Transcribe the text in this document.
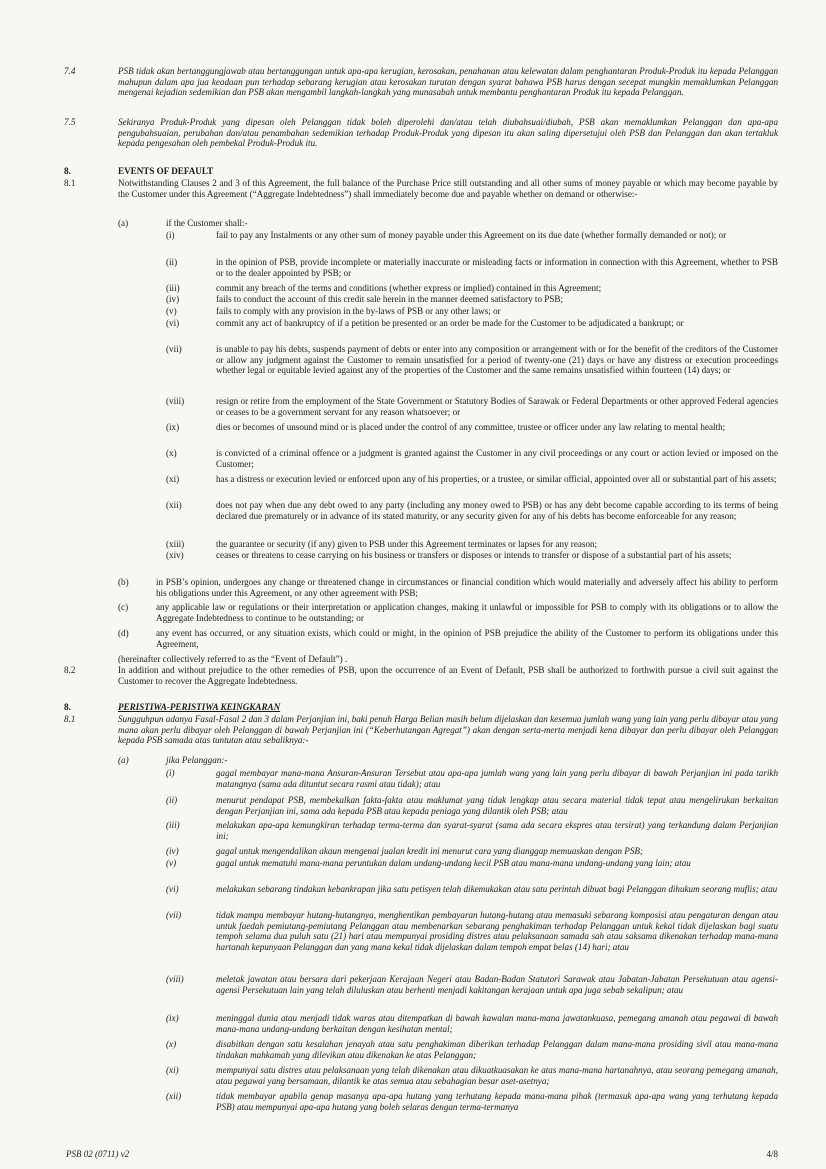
7.4	PSB tidak akan bertanggungjawab atau bertanggungan untuk apa-apa kerugian, kerosakan, penahanan atau kelewatan dalam penghantaran Produk-Produk itu kepada Pelanggan mahupun dalam apa jua keadaan pun terhadap sebarang kerugian atau kerosakan turutan dengan syarat bahawa PSB harus dengan secepat mungkin memaklumkan Pelanggan mengenai kejadian sedemikian dan PSB akan mengambil langkah-langkah yang munasabah untuk membantu penghantaran Produk itu kepada Pelanggan.
7.5	Sekiranya Produk-Produk yang dipesan oleh Pelanggan tidak boleh diperolehi dan/atau telah diubahsuai/diubah, PSB akan memaklumkan Pelanggan dan apa-apa pengubahsuaian, perubahan dan/atau penambahan sedemikian terhadap Produk-Produk yang dipesan itu akan saling dipersetujui oleh PSB dan Pelanggan dan akan tertakluk kepada pengesahan oleh pembekal Produk-Produk itu.
8.	EVENTS OF DEFAULT
8.1	Notwithstanding Clauses 2 and 3 of this Agreement, the full balance of the Purchase Price still outstanding and all other sums of money payable or which may become payable by the Customer under this Agreement (“Aggregate Indebtedness”) shall immediately become due and payable whether on demand or otherwise:-
(a)	if the Customer shall:-
(i)	fail to pay any Instalments or any other sum of money payable under this Agreement on its due date (whether formally demanded or not); or
(ii)	in the opinion of PSB, provide incomplete or materially inaccurate or misleading facts or information in connection with this Agreement, whether to PSB or to the dealer appointed by PSB; or
(iii)	commit any breach of the terms and conditions (whether express or implied) contained in this Agreement;
(iv)	fails to conduct the account of this credit sale herein in the manner deemed satisfactory to PSB;
(v)	fails to comply with any provision in the by-laws of PSB or any other laws; or
(vi)	commit any act of bankruptcy of if a petition be presented or an order be made for the Customer to be adjudicated a bankrupt; or
(vii)	is unable to pay his debts, suspends payment of debts or enter into any composition or arrangement with or for the benefit of the creditors of the Customer or allow any judgment against the Customer to remain unsatisfied for a period of twenty-one (21) days or have any distress or execution proceedings whether legal or equitable levied against any of the properties of the Customer and the same remains unsatisfied within fourteen (14) days; or
(viii)	resign or retire from the employment of the State Government or Statutory Bodies of Sarawak or Federal Departments or other approved Federal agencies or ceases to be a government servant for any reason whatsoever; or
(ix)	dies or becomes of unsound mind or is placed under the control of any committee, trustee or officer under any law relating to mental health;
(x)	is convicted of a criminal offence or a judgment is granted against the Customer in any civil proceedings or any court or action levied or imposed on the Customer;
(xi)	has a distress or execution levied or enforced upon any of his properties, or a trustee, or similar official, appointed over all or substantial part of his assets;
(xii)	does not pay when due any debt owed to any party (including any money owed to PSB) or has any debt become capable according to its terms of being declared due prematurely or in advance of its stated maturity, or any security given for any of his debts has become enforceable for any reason;
(xiii)	the guarantee or security (if any) given to PSB under this Agreement terminates or lapses for any reason;
(xiv)	ceases or threatens to cease carrying on his business or transfers or disposes or intends to transfer or dispose of a substantial part of his assets;
(b)	in PSB’s opinion, undergoes any change or threatened change in circumstances or financial condition which would materially and adversely affect his ability to perform his obligations under this Agreement, or any other agreement with PSB;
(c)	any applicable law or regulations or their interpretation or application changes, making it unlawful or impossible for PSB to comply with its obligations or to allow the Aggregate Indebtedness to continue to be outstanding; or
(d)	any event has occurred, or any situation exists, which could or might, in the opinion of PSB prejudice the ability of the Customer to perform its obligations under this Agreement,
(hereinafter collectively referred to as the “Event of Default”) .
8.2	In addition and without prejudice to the other remedies of PSB, upon the occurrence of an Event of Default, PSB shall be authorized to forthwith pursue a civil suit against the Customer to recover the Aggregate Indebtedness.
8.	PERISTIWA-PERISTIWA KEINGKARAN
8.1	Sungguhpun adanya Fasal-Fasal 2 dan 3 dalam Perjanjian ini, baki penuh Harga Belian masih belum dijelaskan dan kesemua jumlah wang yang lain yang perlu dibayar atau yang mana akan perlu dibayar oleh Pelanggan di bawah Perjanjian ini (“Keberhutangan Agregat”) akan dengan serta-merta menjadi kena dibayar dan perlu dibayar oleh Pelanggan kepada PSB samada atas tuntutan atau sebaliknya:-
(a)	jika Pelanggan:-
(i)	gagal membayar mana-mana Ansuran-Ansuran Tersebut atau apa-apa jumlah wang yang lain yang perlu dibayar di bawah Perjanjian ini pada tarikh matangnya (sama ada dituntut secara rasmi atau tidak); atau
(ii)	menurut pendapat PSB, membekalkan fakta-fakta atau maklumat yang tidak lengkap atau secara material tidak tepat atau mengelirukan berkaitan dengan Perjanjian ini, sama ada kepada PSB atau kepada peniaga yang dilantik oleh PSB; atau
(iii)	melakukan apa-apa kemungkiran terhadap terma-terma dan syarat-syarat (sama ada secara ekspres atau tersirat) yang terkandung dalam Perjanjian ini;
(iv)	gagal untuk mengendalikan akaun mengenai jualan kredit ini menurut cara yang dianggap memuaskan dengan PSB;
(v)	gagal untuk mematuhi mana-mana peruntukan dalam undang-undang kecil PSB atau mana-mana undang-undang yang lain; atau
(vi)	melakukan sebarang tindakan kebankrapan jika satu petisyen telah dikemukakan atau satu perintah dibuat bagi Pelanggan dihukum seorang muflis; atau
(vii)	tidak mampu membayar hutang-hutangnya, menghentikan pembayaran hutang-hutang atau memasuki sebarang komposisi atau pengaturan dengan atau untuk faedah pemiutang-pemiutang Pelanggan atau membenarkan sebarang penghakiman terhadap Pelanggan untuk kekal tidak dijelaskan bagi suatu tempoh selama dua puluh satu (21) hari atau mempunyai prosiding distres atau pelaksanaan samada sah atau saksama dikenakan terhadap mana-mana hartanah kepunyaan Pelanggan dan yang mana kekal tidak dijelaskan dalam tempoh empat belas (14) hari; atau
(viii)	meletak jawatan atau bersara dari pekerjaan Kerajaan Negeri atau Badan-Badan Statutori Sarawak atau Jabatan-Jabatan Persekutuan atau agensi-agensi Persekutuan lain yang telah diluluskan atau berhenti menjadi kakitangan kerajaan untuk apa juga sebab sekalipun; atau
(ix)	meninggal dunia atau menjadi tidak waras atau ditempatkan di bawah kawalan mana-mana jawatankuasa, pemegang amanah atau pegawai di bawah mana-mana undang-undang berkaitan dengan kesihatan mental;
(x)	disabitkan dengan satu kesalahan jenayah atau satu penghakiman diberikan terhadap Pelanggan dalam mana-mana prosiding sivil atau mana-mana tindakan mahkamah yang dilevikan atau dikenakan ke atas Pelanggan;
(xi)	mempunyai satu distres atau pelaksanaan yang telah dikenakan atau dikuatkuasakan ke atas mana-mana hartanahnya, atau seorang pemegang amanah, atau pegawai yang bersamaan, dilantik ke atas semua atau sebahagian besar aset-asetnya;
(xii)	tidak membayar apabila genap masanya apa-apa hutang yang terhutang kepada mana-mana pihak (termasuk apa-apa wang yang terhutang kepada PSB) atau mempunyai apa-apa hutang yang boleh selaras dengan terma-termanya
PSB 02 (0711) v2	4/8
